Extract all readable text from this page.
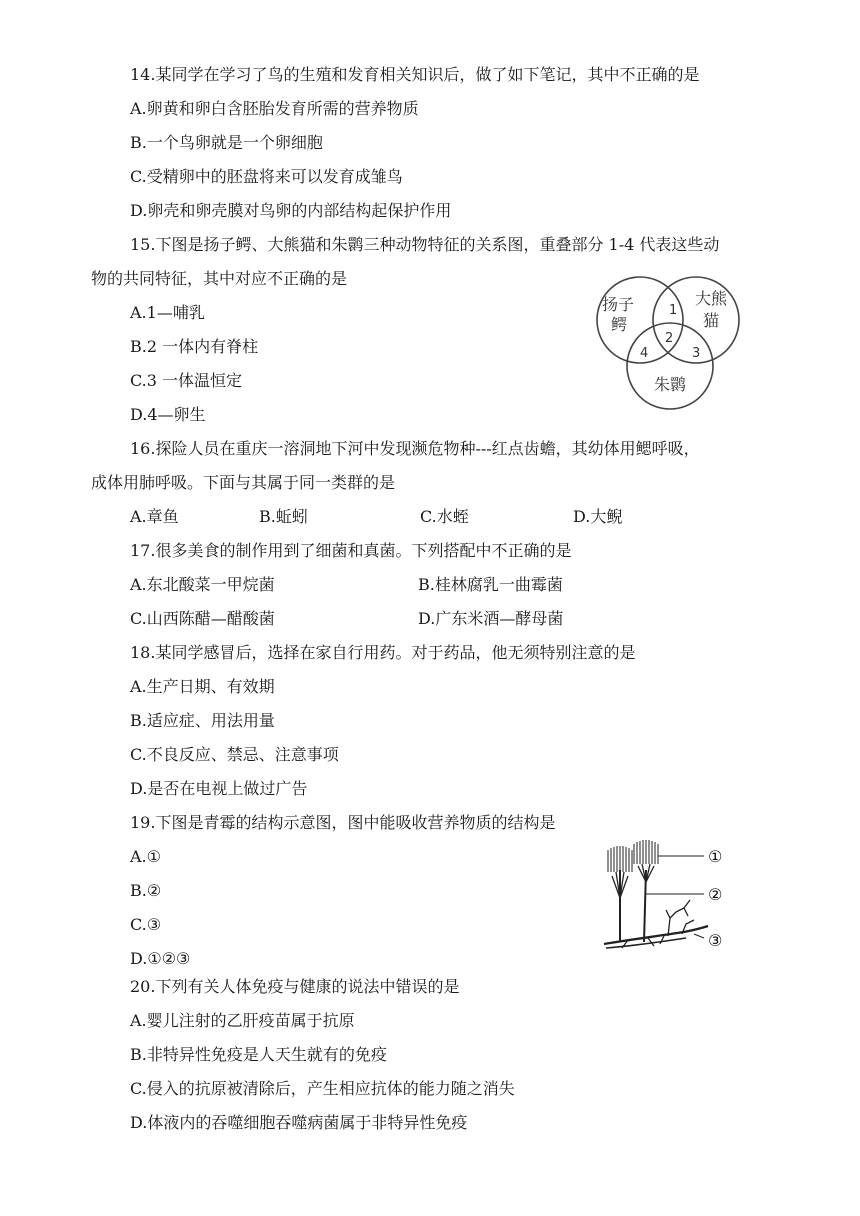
14.某同学在学习了鸟的生殖和发育相关知识后，做了如下笔记，其中不正确的是
A.卵黄和卵白含胚胎发育所需的营养物质
B.一个鸟卵就是一个卵细胞
C.受精卵中的胚盘将来可以发育成雏鸟
D.卵壳和卵壳膜对鸟卵的内部结构起保护作用
15.下图是扬子鳄、大熊猫和朱鹮三种动物特征的关系图，重叠部分 1-4 代表这些动
物的共同特征，其中对应不正确的是
A.1—哺乳
B.2 一体内有脊柱
C.3 一体温恒定
D.4—卵生
扬子
鳄
大熊
猫
朱鹮
1
2
3
4
16.探险人员在重庆一溶洞地下河中发现濒危物种---红点齿蟾，其幼体用鳃呼吸，
成体用肺呼吸。下面与其属于同一类群的是
A.章鱼	B.蚯蚓	C.水蛭	D.大鲵
17.很多美食的制作用到了细菌和真菌。下列搭配中不正确的是
A.东北酸菜一甲烷菌	B.桂林腐乳一曲霉菌
C.山西陈醋—醋酸菌	D.广东米酒—酵母菌
18.某同学感冒后，选择在家自行用药。对于药品，他无须特别注意的是
A.生产日期、有效期
B.适应症、用法用量
C.不良反应、禁忌、注意事项
D.是否在电视上做过广告
19.下图是青霉的结构示意图，图中能吸收营养物质的结构是
A.①
B.②
C.③
D.①②③
①
②
③
20.下列有关人体免疫与健康的说法中错误的是
A.婴儿注射的乙肝疫苗属于抗原
B.非特异性免疫是人天生就有的免疫
C.侵入的抗原被清除后，产生相应抗体的能力随之消失
D.体液内的吞噬细胞吞噬病菌属于非特异性免疫
